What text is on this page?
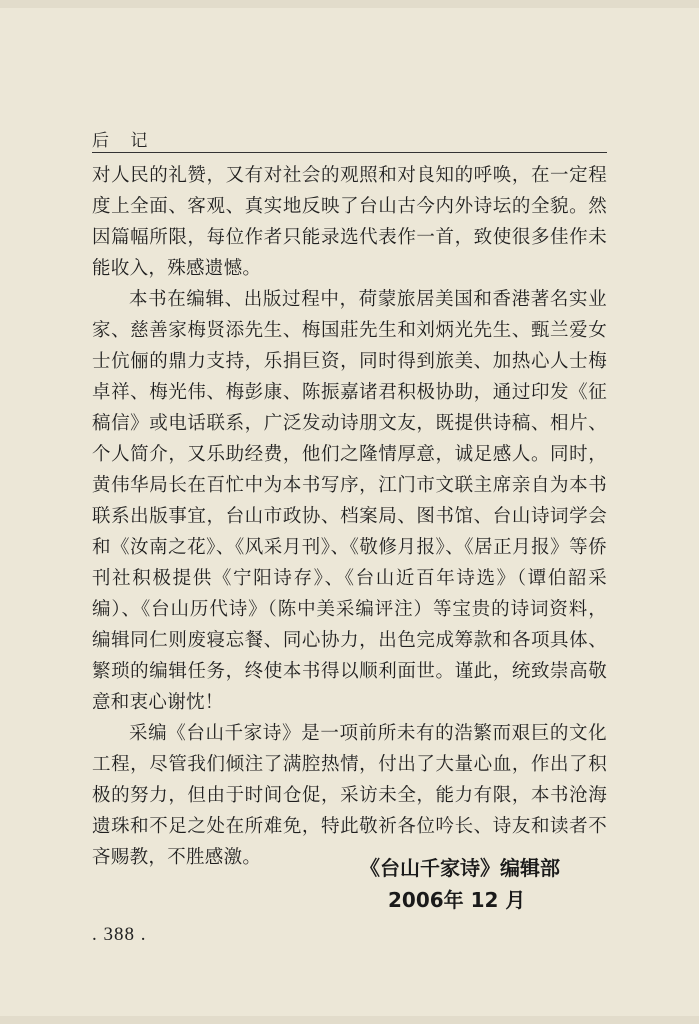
后 记

对人民的礼赞，又有对社会的观照和对良知的呼唤，在一定程度上全面、客观、真实地反映了台山古今内外诗坛的全貌。然因篇幅所限，每位作者只能录选代表作一首，致使很多佳作未能收入，殊感遗憾。

本书在编辑、出版过程中，荷蒙旅居美国和香港著名实业家、慈善家梅贤添先生、梅国莊先生和刘炳光先生、甄兰爱女士伉俪的鼎力支持，乐捐巨资，同时得到旅美、加热心人士梅卓祥、梅光伟、梅彭康、陈振嘉诸君积极协助，通过印发《征稿信》或电话联系，广泛发动诗朋文友，既提供诗稿、相片、个人简介，又乐助经费，他们之隆情厚意，诚足感人。同时，黄伟华局长在百忙中为本书写序，江门市文联主席亲自为本书联系出版事宜，台山市政协、档案局、图书馆、台山诗词学会和《汝南之花》、《风采月刊》、《敬修月报》、《居正月报》等侨刊社积极提供《宁阳诗存》、《台山近百年诗选》（谭伯韶采编）、《台山历代诗》（陈中美采编评注）等宝贵的诗词资料，编辑同仁则废寝忘餐、同心协力，出色完成筹款和各项具体、繁琐的编辑任务，终使本书得以顺利面世。谨此，统致崇高敬意和衷心谢忱！

采编《台山千家诗》是一项前所未有的浩繁而艰巨的文化工程，尽管我们倾注了满腔热情，付出了大量心血，作出了积极的努力，但由于时间仓促，采访未全，能力有限，本书沧海遗珠和不足之处在所难免，特此敬祈各位吟长、诗友和读者不吝赐教，不胜感激。	《台山千家诗》编辑部
2006年 12 月
. 388 .
